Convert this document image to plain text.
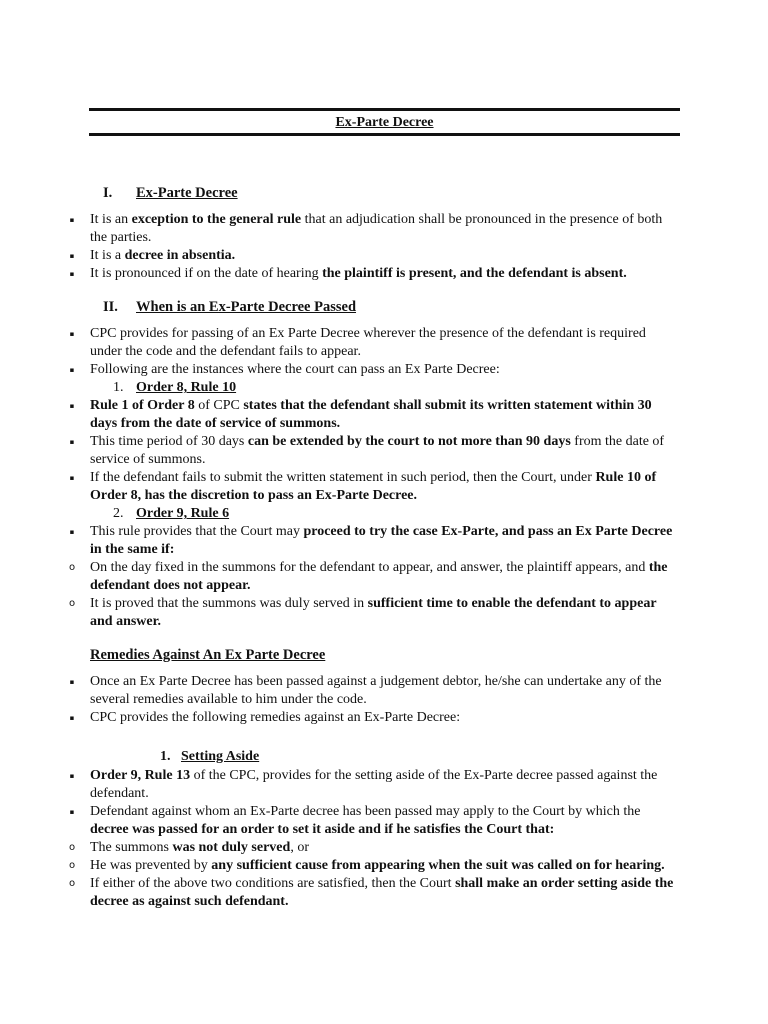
Ex-Parte Decree
I. Ex-Parte Decree
▪ It is an exception to the general rule that an adjudication shall be pronounced in the presence of both the parties.
▪ It is a decree in absentia.
▪ It is pronounced if on the date of hearing the plaintiff is present, and the defendant is absent.
II. When is an Ex-Parte Decree Passed
▪ CPC provides for passing of an Ex Parte Decree wherever the presence of the defendant is required under the code and the defendant fails to appear.
▪ Following are the instances where the court can pass an Ex Parte Decree:
1. Order 8, Rule 10
▪ Rule 1 of Order 8 of CPC states that the defendant shall submit its written statement within 30 days from the date of service of summons.
▪ This time period of 30 days can be extended by the court to not more than 90 days from the date of service of summons.
▪ If the defendant fails to submit the written statement in such period, then the Court, under Rule 10 of Order 8, has the discretion to pass an Ex-Parte Decree.
2. Order 9, Rule 6
▪ This rule provides that the Court may proceed to try the case Ex-Parte, and pass an Ex Parte Decree in the same if:
o On the day fixed in the summons for the defendant to appear, and answer, the plaintiff appears, and the defendant does not appear.
o It is proved that the summons was duly served in sufficient time to enable the defendant to appear and answer.
Remedies Against An Ex Parte Decree
▪ Once an Ex Parte Decree has been passed against a judgement debtor, he/she can undertake any of the several remedies available to him under the code.
▪ CPC provides the following remedies against an Ex-Parte Decree:
1. Setting Aside
▪ Order 9, Rule 13 of the CPC, provides for the setting aside of the Ex-Parte decree passed against the defendant.
▪ Defendant against whom an Ex-Parte decree has been passed may apply to the Court by which the decree was passed for an order to set it aside and if he satisfies the Court that:
o The summons was not duly served, or
o He was prevented by any sufficient cause from appearing when the suit was called on for hearing.
o If either of the above two conditions are satisfied, then the Court shall make an order setting aside the decree as against such defendant.
